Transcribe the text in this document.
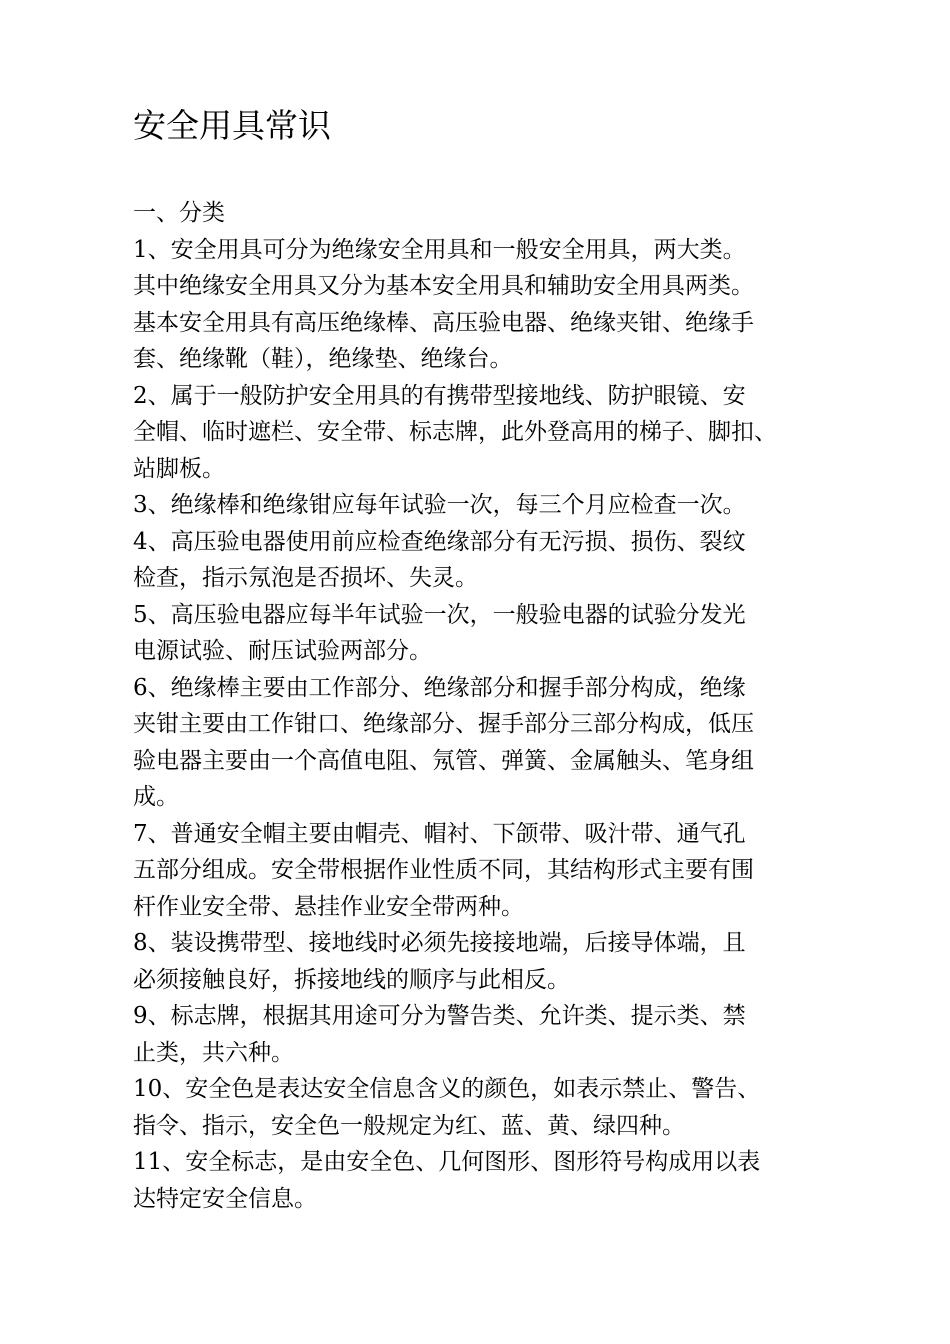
安全用具常识

一、分类

1、安全用具可分为绝缘安全用具和一般安全用具，两大类。
其中绝缘安全用具又分为基本安全用具和辅助安全用具两类。
基本安全用具有高压绝缘棒、高压验电器、绝缘夹钳、绝缘手
套、绝缘靴（鞋），绝缘垫、绝缘台。

2、属于一般防护安全用具的有携带型接地线、防护眼镜、安
全帽、临时遮栏、安全带、标志牌，此外登高用的梯子、脚扣、
站脚板。

3、绝缘棒和绝缘钳应每年试验一次，每三个月应检查一次。

4、高压验电器使用前应检查绝缘部分有无污损、损伤、裂纹
检查，指示氖泡是否损坏、失灵。

5、高压验电器应每半年试验一次，一般验电器的试验分发光
电源试验、耐压试验两部分。

6、绝缘棒主要由工作部分、绝缘部分和握手部分构成，绝缘
夹钳主要由工作钳口、绝缘部分、握手部分三部分构成，低压
验电器主要由一个高值电阻、氖管、弹簧、金属触头、笔身组
成。

7、普通安全帽主要由帽壳、帽衬、下颌带、吸汁带、通气孔
五部分组成。安全带根据作业性质不同，其结构形式主要有围
杆作业安全带、悬挂作业安全带两种。

8、装设携带型、接地线时必须先接接地端，后接导体端，且
必须接触良好，拆接地线的顺序与此相反。

9、标志牌，根据其用途可分为警告类、允许类、提示类、禁
止类，共六种。

10、安全色是表达安全信息含义的颜色，如表示禁止、警告、
指令、指示，安全色一般规定为红、蓝、黄、绿四种。

11、安全标志，是由安全色、几何图形、图形符号构成用以表
达特定安全信息。
